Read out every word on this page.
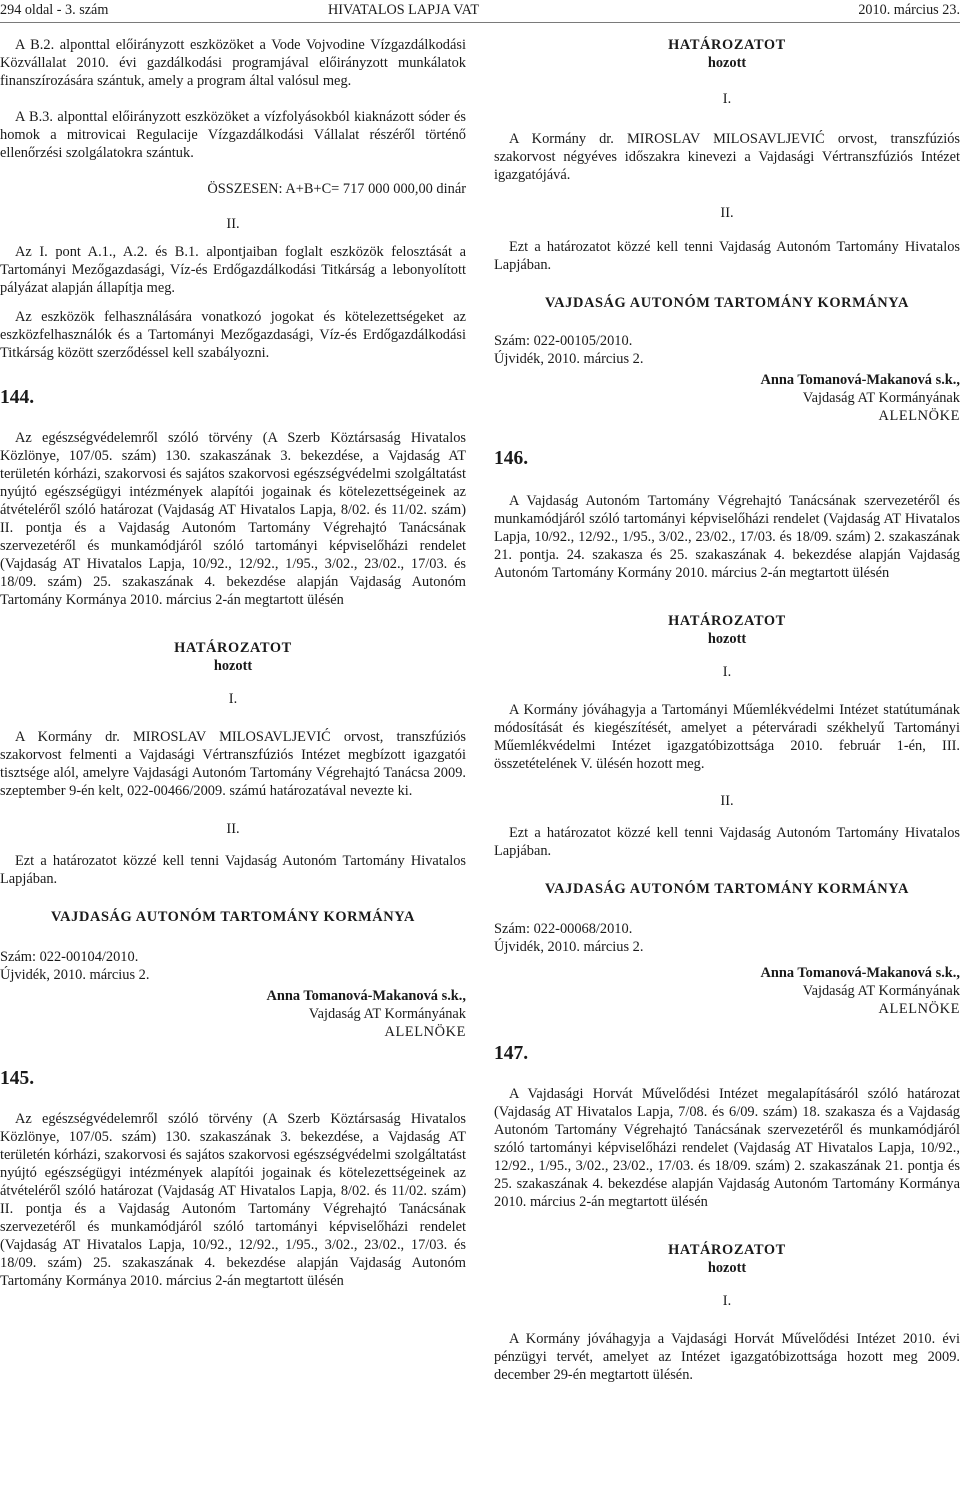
294 oldal - 3. szám	HIVATALOS LAPJA VAT	2010. március 23.

A B.2. alponttal előirányzott eszközöket a Vode Vojvodine Vízgazdálkodási Közvállalat 2010. évi gazdálkodási programjával előirányzott munkálatok finanszírozására szántuk, amely a program által valósul meg.

A B.3. alponttal előirányzott eszközöket a vízfolyásokból kiaknázott sóder és homok a mitrovicai Regulacije Vízgazdálkodási Vállalat részéről történő ellenőrzési szolgálatokra szántuk.

ÖSSZESEN: A+B+C= 717 000 000,00 dinár

II.

Az I. pont A.1., A.2. és B.1. alpontjaiban foglalt eszközök felosztását a Tartományi Mezőgazdasági, Víz-és Erdőgazdálkodási Titkárság a lebonyolított pályázat alapján állapítja meg.

Az eszközök felhasználására vonatkozó jogokat és kötelezettségeket az eszközfelhasználók és a Tartományi Mezőgazdasági, Víz-és Erdőgazdálkodási Titkárság között szerződéssel kell szabályozni.

144.

Az egészségvédelemről szóló törvény (A Szerb Köztársaság Hivatalos Közlönye, 107/05. szám) 130. szakaszának 3. bekezdése, a Vajdaság AT területén kórházi, szakorvosi és sajátos szakorvosi egészségvédelmi szolgáltatást nyújtó egészségügyi intézmények alapítói jogainak és kötelezettségeinek az átvételéről szóló határozat (Vajdaság AT Hivatalos Lapja, 8/02. és 11/02. szám) II. pontja és a Vajdaság Autonóm Tartomány Végrehajtó Tanácsának szervezetéről és munkamódjáról szóló tartományi képviselőházi rendelet (Vajdaság AT Hivatalos Lapja, 10/92., 12/92., 1/95., 3/02., 23/02., 17/03. és 18/09. szám) 25. szakaszának 4. bekezdése alapján Vajdaság Autonóm Tartomány Kormánya 2010. március 2-án megtartott ülésén

HATÁROZATOT

hozott

I.

A Kormány dr. MIROSLAV MILOSAVLJEVIĆ orvost, transzfúziós szakorvost felmenti a Vajdasági Vértranszfúziós Intézet megbízott igazgatói tisztsége alól, amelyre Vajdasági Autonóm Tartomány Végrehajtó Tanácsa 2009. szeptember 9-én kelt, 022-00466/2009. számú határozatával nevezte ki.

II.

Ezt a határozatot közzé kell tenni Vajdaság Autonóm Tartomány Hivatalos Lapjában.

VAJDASÁG AUTONÓM TARTOMÁNY KORMÁNYA

Szám: 022-00104/2010.

Újvidék, 2010. március 2.

Anna Tomanová-Makanová s.k.,

Vajdaság AT Kormányának

ALELNÖKE

145.

Az egészségvédelemről szóló törvény (A Szerb Köztársaság Hivatalos Közlönye, 107/05. szám) 130. szakaszának 3. bekezdése, a Vajdaság AT területén kórházi, szakorvosi és sajátos szakorvosi egészségvédelmi szolgáltatást nyújtó egészségügyi intézmények alapítói jogainak és kötelezettségeinek az átvételéről szóló határozat (Vajdaság AT Hivatalos Lapja, 8/02. és 11/02. szám) II. pontja és a Vajdaság Autonóm Tartomány Végrehajtó Tanácsának szervezetéről és munkamódjáról szóló tartományi képviselőházi rendelet (Vajdaság AT Hivatalos Lapja, 10/92., 12/92., 1/95., 3/02., 23/02., 17/03. és 18/09. szám) 25. szakaszának 4. bekezdése alapján Vajdaság Autonóm Tartomány Kormánya 2010. március 2-án megtartott ülésén

HATÁROZATOT

hozott

I.

A Kormány dr. MIROSLAV MILOSAVLJEVIĆ orvost, transzfúziós szakorvost négyéves időszakra kinevezi a Vajdasági Vértranszfúziós Intézet igazgatójává.

II.

Ezt a határozatot közzé kell tenni Vajdaság Autonóm Tartomány Hivatalos Lapjában.

VAJDASÁG AUTONÓM TARTOMÁNY KORMÁNYA

Szám: 022-00105/2010.

Újvidék, 2010. március 2.

Anna Tomanová-Makanová s.k.,

Vajdaság AT Kormányának

ALELNÖKE

146.

A Vajdaság Autonóm Tartomány Végrehajtó Tanácsának szervezetéről és munkamódjáról szóló tartományi képviselőházi rendelet (Vajdaság AT Hivatalos Lapja, 10/92., 12/92., 1/95., 3/02., 23/02., 17/03. és 18/09. szám) 2. szakaszának 21. pontja. 24. szakasza és 25. szakaszának 4. bekezdése alapján Vajdaság Autonóm Tartomány Kormány 2010. március 2-án megtartott ülésén

HATÁROZATOT

hozott

I.

A Kormány jóváhagyja a Tartományi Műemlékvédelmi Intézet statútumának módosítását és kiegészítését, amelyet a péterváradi székhelyű Tartományi Műemlékvédelmi Intézet igazgatóbizottsága 2010. február 1-én, III. összetételének V. ülésén hozott meg.

II.

Ezt a határozatot közzé kell tenni Vajdaság Autonóm Tartomány Hivatalos Lapjában.

VAJDASÁG AUTONÓM TARTOMÁNY KORMÁNYA

Szám: 022-00068/2010.

Újvidék, 2010. március 2.

Anna Tomanová-Makanová s.k.,

Vajdaság AT Kormányának

ALELNÖKE

147.

A Vajdasági Horvát Művelődési Intézet megalapításáról szóló határozat (Vajdaság AT Hivatalos Lapja, 7/08. és 6/09. szám) 18. szakasza és a Vajdaság Autonóm Tartomány Végrehajtó Tanácsának szervezetéről és munkamódjáról szóló tartományi képviselőházi rendelet (Vajdaság AT Hivatalos Lapja, 10/92., 12/92., 1/95., 3/02., 23/02., 17/03. és 18/09. szám) 2. szakaszának 21. pontja és 25. szakaszának 4. bekezdése alapján Vajdaság Autonóm Tartomány Kormánya 2010. március 2-án megtartott ülésén

HATÁROZATOT

hozott

I.

A Kormány jóváhagyja a Vajdasági Horvát Művelődési Intézet 2010. évi pénzügyi tervét, amelyet az Intézet igazgatóbizottsága hozott meg 2009. december 29-én megtartott ülésén.
